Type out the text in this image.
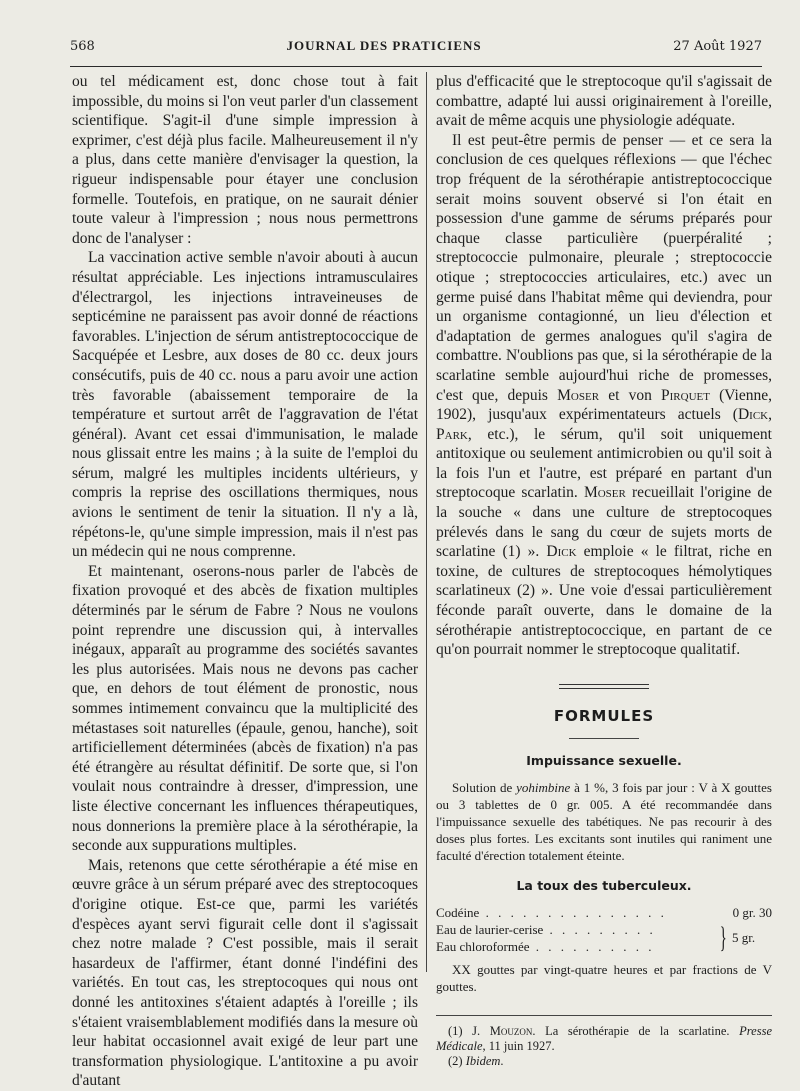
568	JOURNAL DES PRATICIENS	27 Août 1927

ou tel médicament est, donc chose tout à fait impossible, du moins si l'on veut parler d'un classement scientifique. S'agit-il d'une simple impression à exprimer, c'est déjà plus facile. Malheureusement il n'y a plus, dans cette manière d'envisager la question, la rigueur indispensable pour étayer une conclusion formelle. Toutefois, en pratique, on ne saurait dénier toute valeur à l'impression ; nous nous permettrons donc de l'analyser :

La vaccination active semble n'avoir abouti à aucun résultat appréciable. Les injections intramusculaires d'électrargol, les injections intraveineuses de septicémine ne paraissent pas avoir donné de réactions favorables. L'injection de sérum antistreptococcique de Sacquépée et Lesbre, aux doses de 80 cc. deux jours consécutifs, puis de 40 cc. nous a paru avoir une action très favorable (abaissement temporaire de la température et surtout arrêt de l'aggravation de l'état général). Avant cet essai d'immunisation, le malade nous glissait entre les mains ; à la suite de l'emploi du sérum, malgré les multiples incidents ultérieurs, y compris la reprise des oscillations thermiques, nous avions le sentiment de tenir la situation. Il n'y a là, répétons-le, qu'une simple impression, mais il n'est pas un médecin qui ne nous comprenne.

Et maintenant, oserons-nous parler de l'abcès de fixation provoqué et des abcès de fixation multiples déterminés par le sérum de Fabre ? Nous ne voulons point reprendre une discussion qui, à intervalles inégaux, apparaît au programme des sociétés savantes les plus autorisées. Mais nous ne devons pas cacher que, en dehors de tout élément de pronostic, nous sommes intimement convaincu que la multiplicité des métastases soit naturelles (épaule, genou, hanche), soit artificiellement déterminées (abcès de fixation) n'a pas été étrangère au résultat définitif. De sorte que, si l'on voulait nous contraindre à dresser, d'impression, une liste élective concernant les influences thérapeutiques, nous donnerions la première place à la sérothérapie, la seconde aux suppurations multiples.

Mais, retenons que cette sérothérapie a été mise en œuvre grâce à un sérum préparé avec des streptocoques d'origine otique. Est-ce que, parmi les variétés d'espèces ayant servi figurait celle dont il s'agissait chez notre malade ? C'est possible, mais il serait hasardeux de l'affirmer, étant donné l'indéfini des variétés. En tout cas, les streptocoques qui nous ont donné les antitoxines s'étaient adaptés à l'oreille ; ils s'étaient vraisemblablement modifiés dans la mesure où leur habitat occasionnel avait exigé de leur part une transformation physiologique. L'antitoxine a pu avoir d'autant

plus d'efficacité que le streptocoque qu'il s'agissait de combattre, adapté lui aussi originairement à l'oreille, avait de même acquis une physiologie adéquate.

Il est peut-être permis de penser — et ce sera la conclusion de ces quelques réflexions — que l'échec trop fréquent de la sérothérapie antistreptococcique serait moins souvent observé si l'on était en possession d'une gamme de sérums préparés pour chaque classe particulière (puerpéralité ; streptococcie pulmonaire, pleurale ; streptococcie otique ; streptococcies articulaires, etc.) avec un germe puisé dans l'habitat même qui deviendra, pour un organisme contagionné, un lieu d'élection et d'adaptation de germes analogues qu'il s'agira de combattre. N'oublions pas que, si la sérothérapie de la scarlatine semble aujourd'hui riche de promesses, c'est que, depuis Moser et von Pirquet (Vienne, 1902), jusqu'aux expérimentateurs actuels (Dick, Park, etc.), le sérum, qu'il soit uniquement antitoxique ou seulement antimicrobien ou qu'il soit à la fois l'un et l'autre, est préparé en partant d'un streptocoque scarlatin. Moser recueillait l'origine de la souche « dans une culture de streptocoques prélevés dans le sang du cœur de sujets morts de scarlatine (1) ». Dick emploie « le filtrat, riche en toxine, de cultures de streptocoques hémolytiques scarlatineux (2) ». Une voie d'essai particulièrement féconde paraît ouverte, dans le domaine de la sérothérapie antistreptococcique, en partant de ce qu'on pourrait nommer le streptocoque qualitatif.

FORMULES
Impuissance sexuelle.

Solution de yohimbine à 1 %, 3 fois par jour : V à X gouttes ou 3 tablettes de 0 gr. 005. A été recommandée dans l'impuissance sexuelle des tabétiques. Ne pas recourir à des doses plus fortes. Les excitants sont inutiles qui raniment une faculté d'érection totalement éteinte.

La toux des tuberculeux.
Codéine . . . . . . . . . . . . . . .	0 gr. 30
Eau de laurier-cerise . . . . . . . . .
Eau chloroformée . . . . . . . . . .	} 5 gr.

XX gouttes par vingt-quatre heures et par fractions de V gouttes.

(1) J. Mouzon. La sérothérapie de la scarlatine. Presse Médicale, 11 juin 1927.

(2) Ibidem.
